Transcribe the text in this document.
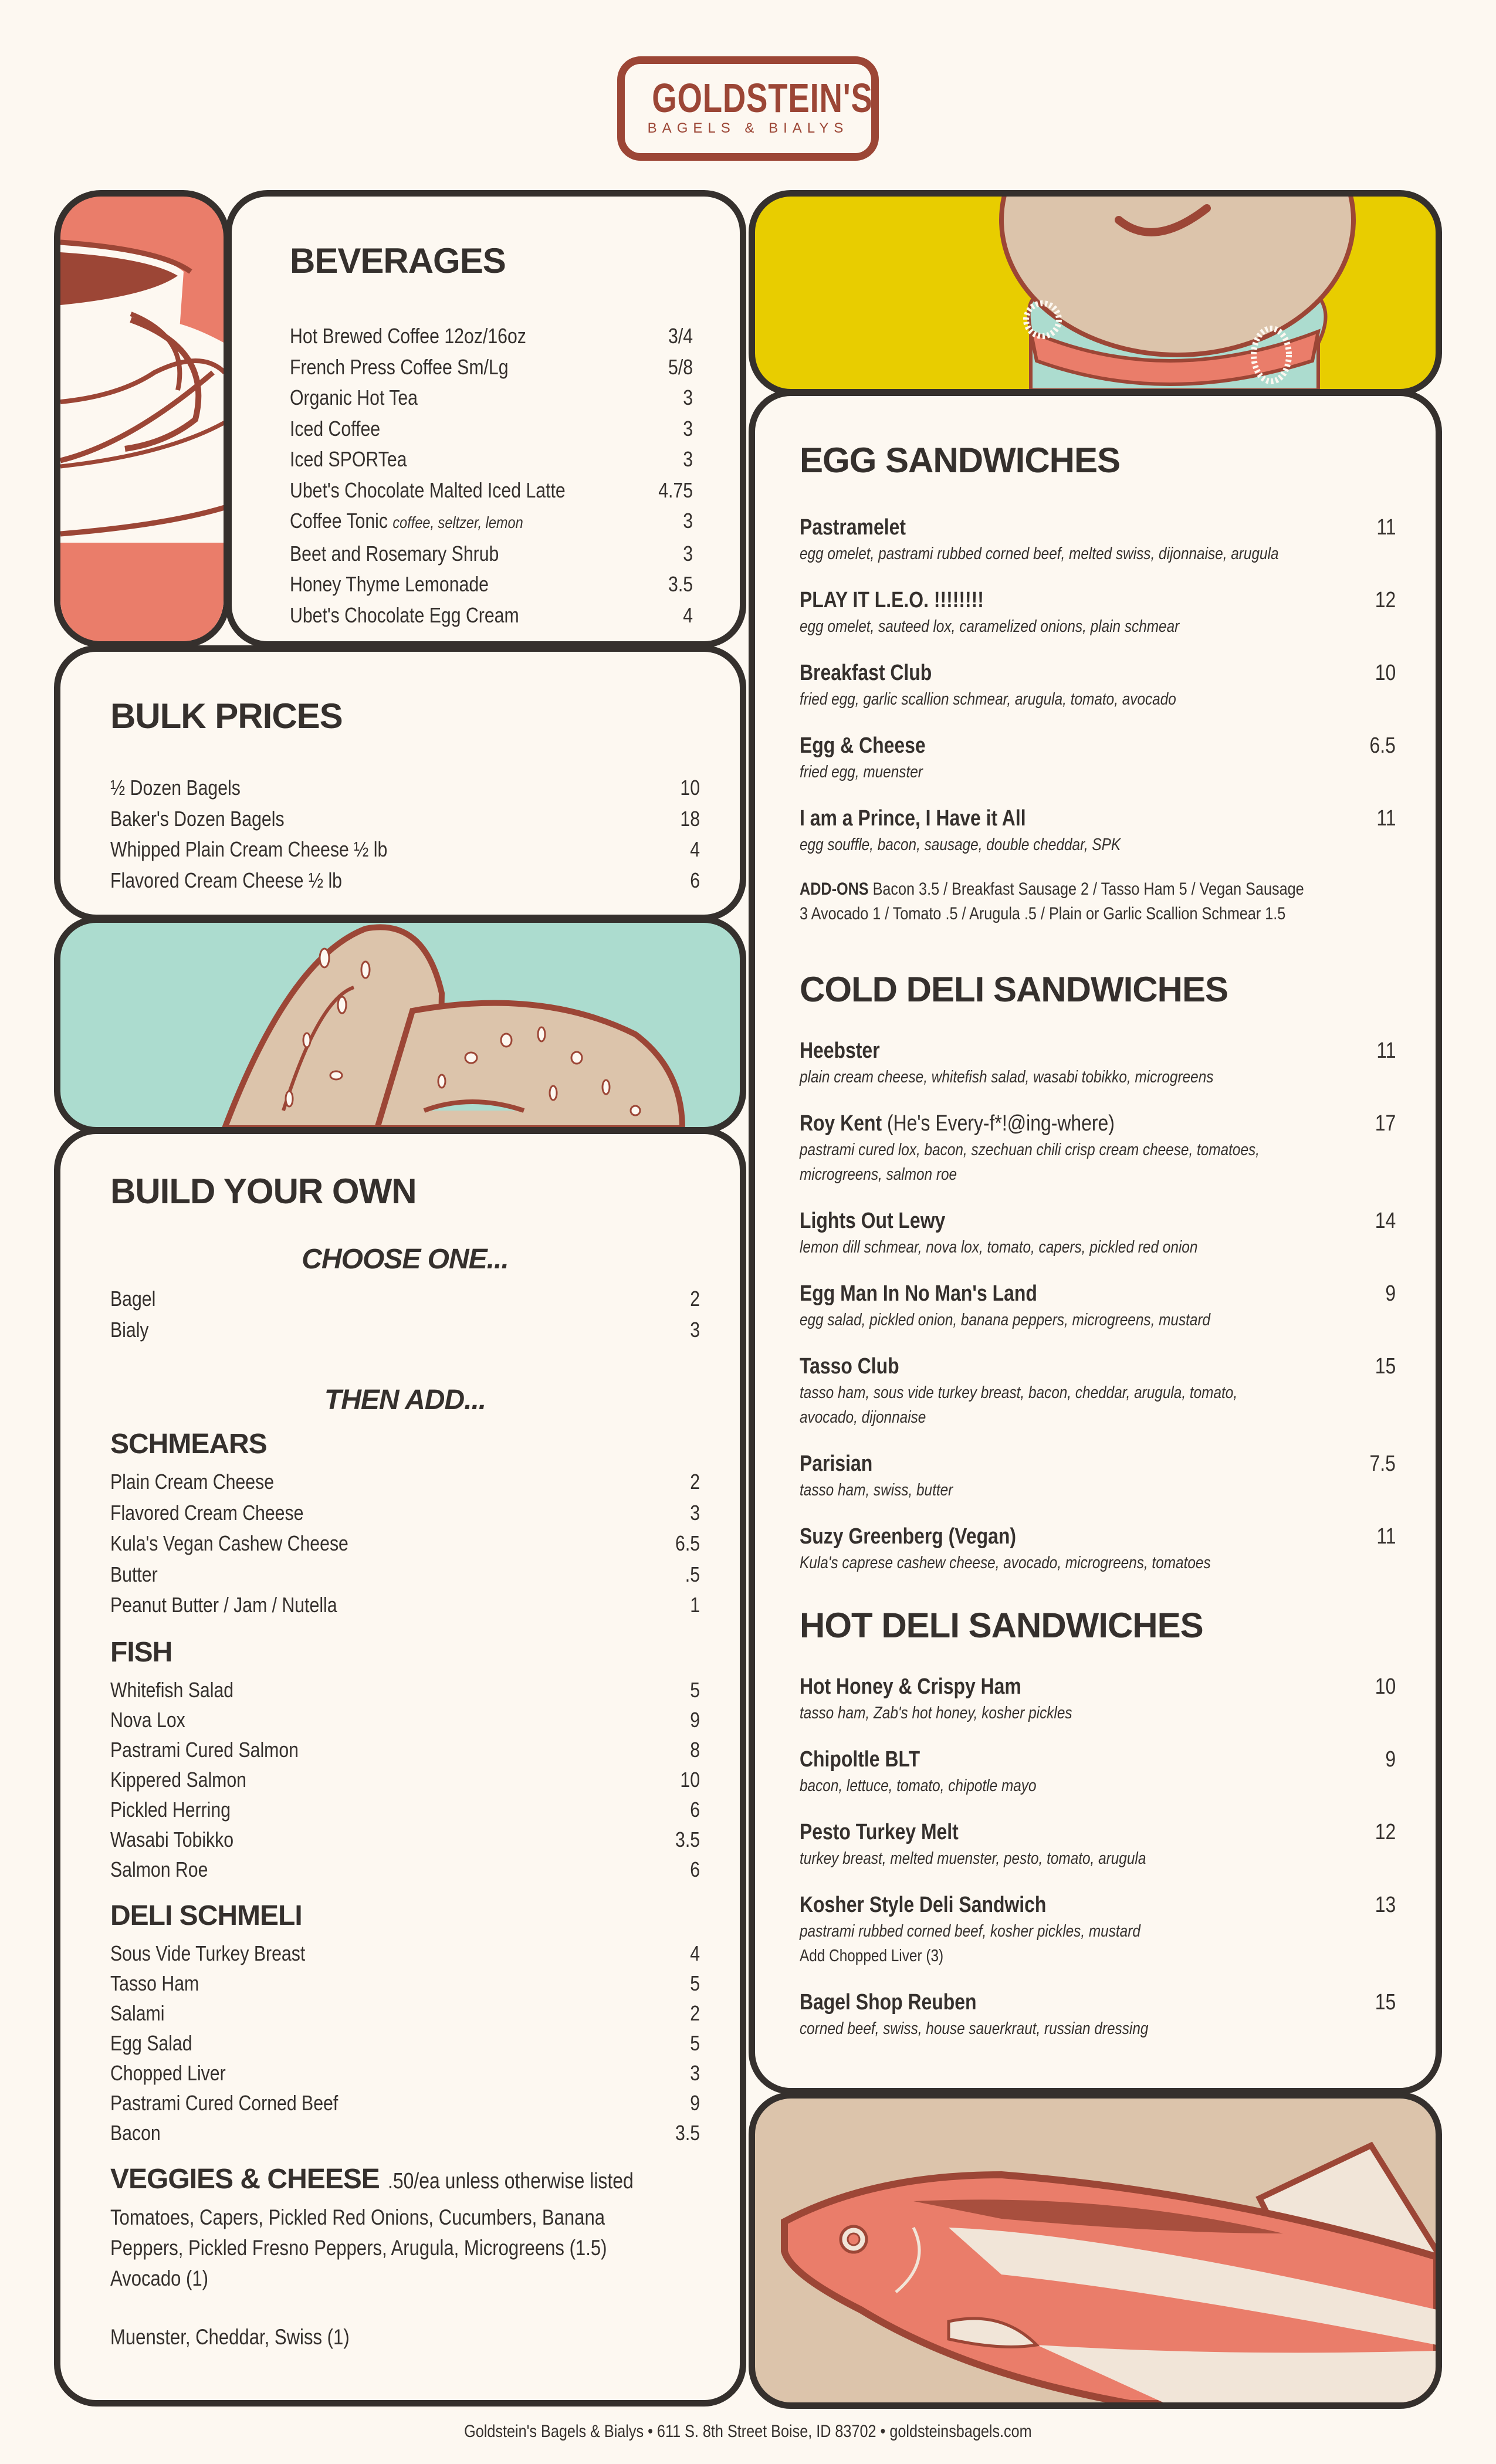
GOLDSTEIN'S
BAGELS & BIALYS
BEVERAGES
Hot Brewed Coffee 12oz/16oz	3/4
French Press Coffee Sm/Lg	5/8
Organic Hot Tea	3
Iced Coffee	3
Iced SPORTea	3
Ubet's Chocolate Malted Iced Latte	4.75
Coffee Tonic coffee, seltzer, lemon	3
Beet and Rosemary Shrub	3
Honey Thyme Lemonade	3.5
Ubet's Chocolate Egg Cream	4
BULK PRICES
½ Dozen Bagels	10
Baker's Dozen Bagels	18
Whipped Plain Cream Cheese ½ lb	4
Flavored Cream Cheese ½ lb	6
BUILD YOUR OWN
CHOOSE ONE...
Bagel	2
Bialy	3
THEN ADD...
SCHMEARS
Plain Cream Cheese	2
Flavored Cream Cheese	3
Kula's Vegan Cashew Cheese	6.5
Butter	.5
Peanut Butter / Jam / Nutella	1
FISH
Whitefish Salad	5
Nova Lox	9
Pastrami Cured Salmon	8
Kippered Salmon	10
Pickled Herring	6
Wasabi Tobikko	3.5
Salmon Roe	6
DELI SCHMELI
Sous Vide Turkey Breast	4
Tasso Ham	5
Salami	2
Egg Salad	5
Chopped Liver	3
Pastrami Cured Corned Beef	9
Bacon	3.5
VEGGIES & CHEESE .50/ea unless otherwise listed
Tomatoes, Capers, Pickled Red Onions, Cucumbers, Banana
Peppers, Pickled Fresno Peppers, Arugula, Microgreens (1.5)
Avocado (1)
Muenster, Cheddar, Swiss (1)
EGG SANDWICHES
Pastramelet	11
egg omelet, pastrami rubbed corned beef, melted swiss, dijonnaise, arugula
PLAY IT L.E.O. !!!!!!!!	12
egg omelet, sauteed lox, caramelized onions, plain schmear
Breakfast Club	10
fried egg, garlic scallion schmear, arugula, tomato, avocado
Egg & Cheese	6.5
fried egg, muenster
I am a Prince, I Have it All	11
egg souffle, bacon, sausage, double cheddar, SPK
ADD-ONS Bacon 3.5 / Breakfast Sausage 2 / Tasso Ham 5 / Vegan Sausage
3 Avocado 1 / Tomato .5 / Arugula .5 / Plain or Garlic Scallion Schmear 1.5
COLD DELI SANDWICHES
Heebster	11
plain cream cheese, whitefish salad, wasabi tobikko, microgreens
Roy Kent (He's Every-f*!@ing-where)	17
pastrami cured lox, bacon, szechuan chili crisp cream cheese, tomatoes,
microgreens, salmon roe
Lights Out Lewy	14
lemon dill schmear, nova lox, tomato, capers, pickled red onion
Egg Man In No Man's Land	9
egg salad, pickled onion, banana peppers, microgreens, mustard
Tasso Club	15
tasso ham, sous vide turkey breast, bacon, cheddar, arugula, tomato,
avocado, dijonnaise
Parisian	7.5
tasso ham, swiss, butter
Suzy Greenberg (Vegan)	11
Kula's caprese cashew cheese, avocado, microgreens, tomatoes
HOT DELI SANDWICHES
Hot Honey & Crispy Ham	10
tasso ham, Zab's hot honey, kosher pickles
Chipoltle BLT	9
bacon, lettuce, tomato, chipotle mayo
Pesto Turkey Melt	12
turkey breast, melted muenster, pesto, tomato, arugula
Kosher Style Deli Sandwich	13
pastrami rubbed corned beef, kosher pickles, mustard
Add Chopped Liver (3)
Bagel Shop Reuben	15
corned beef, swiss, house sauerkraut, russian dressing
Goldstein's Bagels & Bialys • 611 S. 8th Street Boise, ID 83702 • goldsteinsbagels.com
